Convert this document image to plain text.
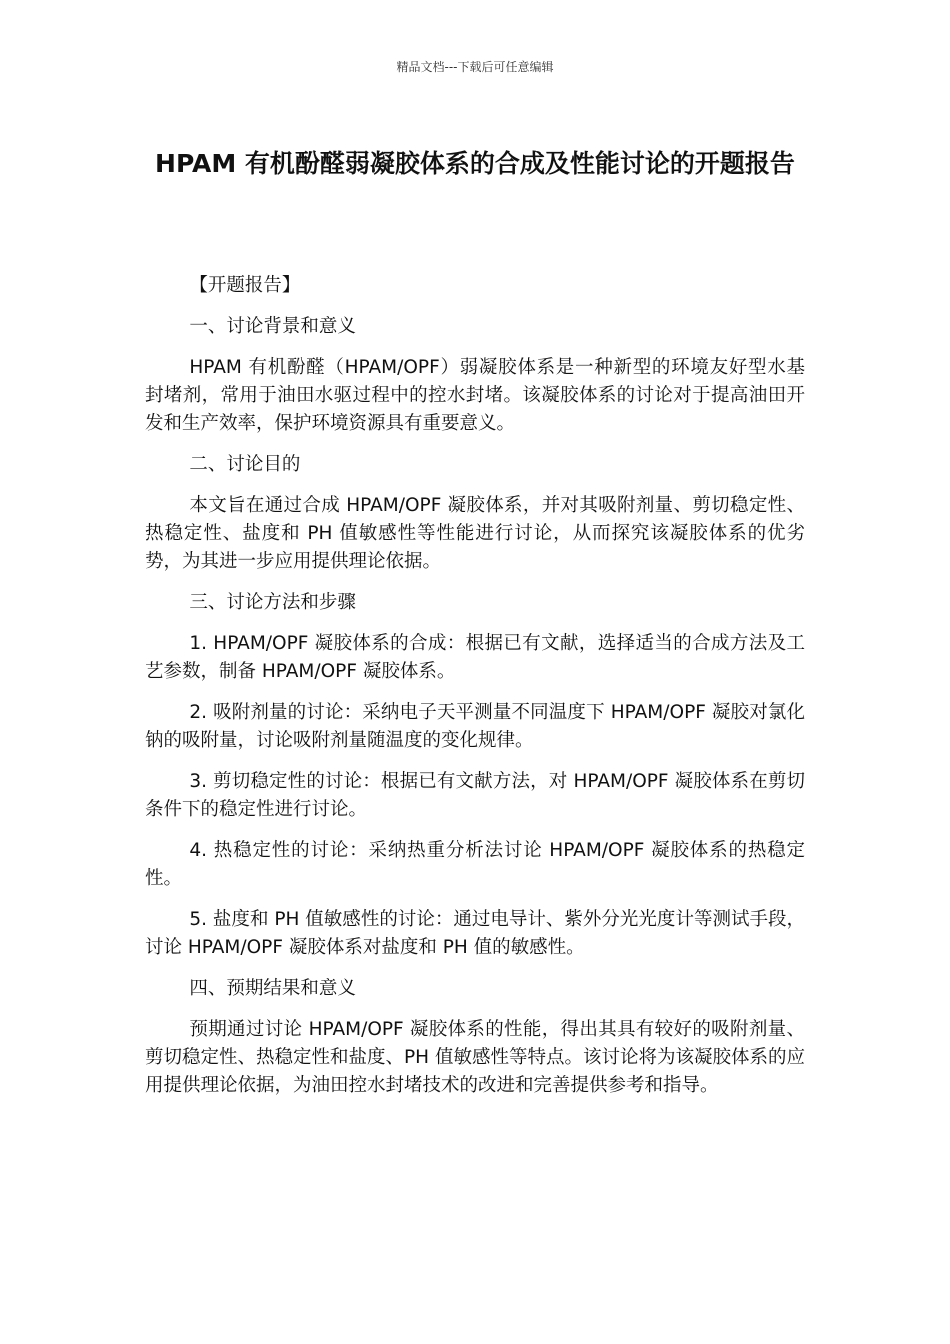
精品文档---下载后可任意编辑
HPAM 有机酚醛弱凝胶体系的合成及性能讨论的开题报告

【开题报告】

一、讨论背景和意义

HPAM 有机酚醛（HPAM/OPF）弱凝胶体系是一种新型的环境友好型水基封堵剂，常用于油田水驱过程中的控水封堵。该凝胶体系的讨论对于提高油田开发和生产效率，保护环境资源具有重要意义。

二、讨论目的

本文旨在通过合成 HPAM/OPF 凝胶体系，并对其吸附剂量、剪切稳定性、热稳定性、盐度和 PH 值敏感性等性能进行讨论，从而探究该凝胶体系的优劣势，为其进一步应用提供理论依据。

三、讨论方法和步骤

1. HPAM/OPF 凝胶体系的合成：根据已有文献，选择适当的合成方法及工艺参数，制备 HPAM/OPF 凝胶体系。

2. 吸附剂量的讨论：采纳电子天平测量不同温度下 HPAM/OPF 凝胶对氯化钠的吸附量，讨论吸附剂量随温度的变化规律。

3. 剪切稳定性的讨论：根据已有文献方法，对 HPAM/OPF 凝胶体系在剪切条件下的稳定性进行讨论。

4. 热稳定性的讨论：采纳热重分析法讨论 HPAM/OPF 凝胶体系的热稳定性。

5. 盐度和 PH 值敏感性的讨论：通过电导计、紫外分光光度计等测试手段，讨论 HPAM/OPF 凝胶体系对盐度和 PH 值的敏感性。

四、预期结果和意义

预期通过讨论 HPAM/OPF 凝胶体系的性能，得出其具有较好的吸附剂量、剪切稳定性、热稳定性和盐度、PH 值敏感性等特点。该讨论将为该凝胶体系的应用提供理论依据，为油田控水封堵技术的改进和完善提供参考和指导。
